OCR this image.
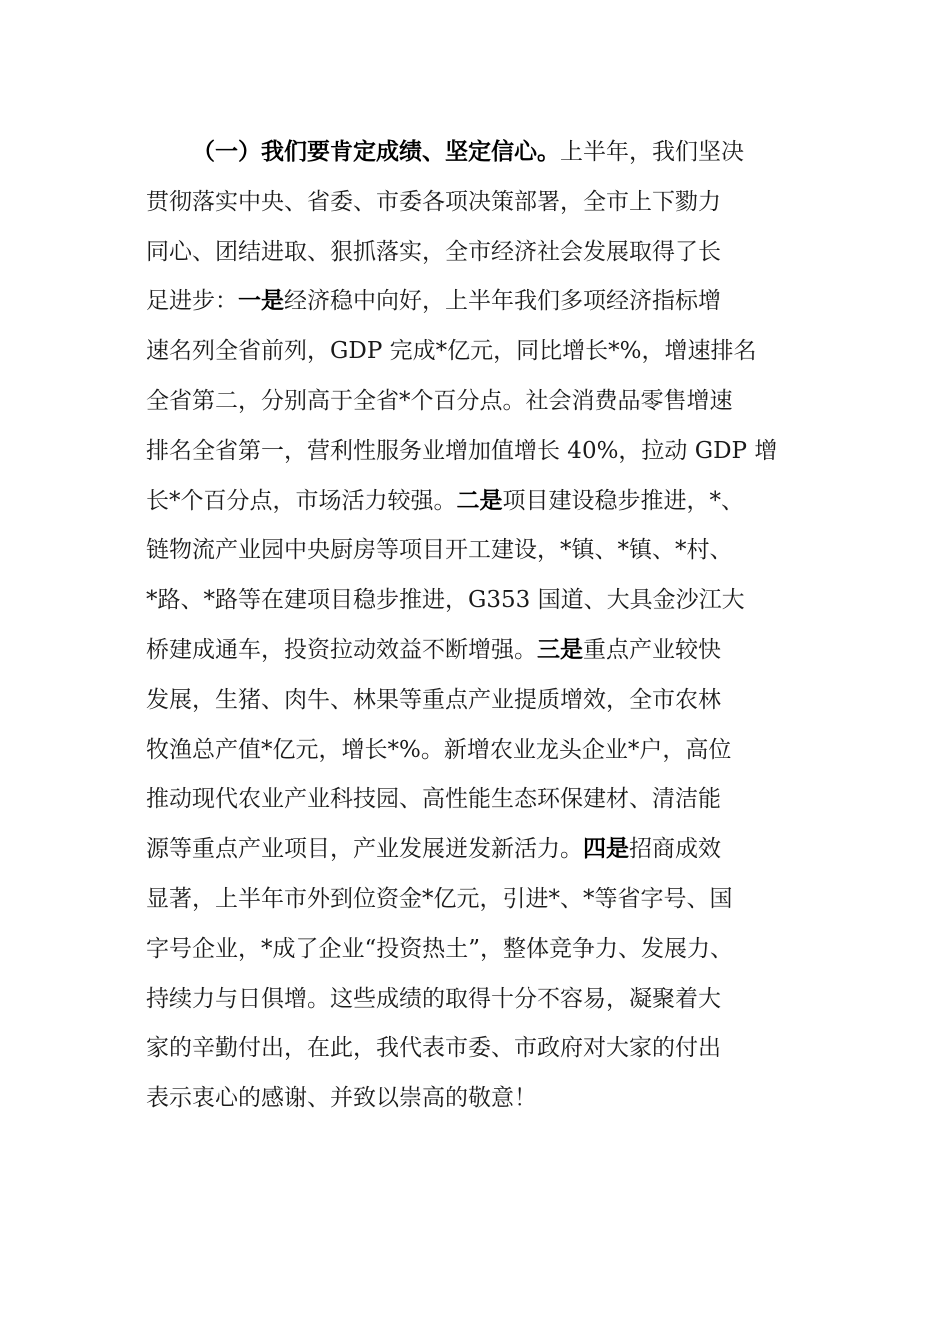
（一）我们要肯定成绩、坚定信心。上半年，我们坚决
贯彻落实中央、省委、市委各项决策部署，全市上下勠力
同心、团结进取、狠抓落实，全市经济社会发展取得了长
足进步：一是经济稳中向好，上半年我们多项经济指标增
速名列全省前列，GDP 完成*亿元，同比增长*%，增速排名
全省第二，分别高于全省*个百分点。社会消费品零售增速
排名全省第一，营利性服务业增加值增长 40%，拉动 GDP 增
长*个百分点，市场活力较强。二是项目建设稳步推进，*、
链物流产业园中央厨房等项目开工建设，*镇、*镇、*村、
*路、*路等在建项目稳步推进，G353 国道、大具金沙江大
桥建成通车，投资拉动效益不断增强。三是重点产业较快
发展，生猪、肉牛、林果等重点产业提质增效，全市农林
牧渔总产值*亿元，增长*%。新增农业龙头企业*户，高位
推动现代农业产业科技园、高性能生态环保建材、清洁能
源等重点产业项目，产业发展迸发新活力。四是招商成效
显著，上半年市外到位资金*亿元，引进*、*等省字号、国
字号企业，*成了企业“投资热土”，整体竞争力、发展力、
持续力与日俱增。这些成绩的取得十分不容易，凝聚着大
家的辛勤付出，在此，我代表市委、市政府对大家的付出
表示衷心的感谢、并致以崇高的敬意！
